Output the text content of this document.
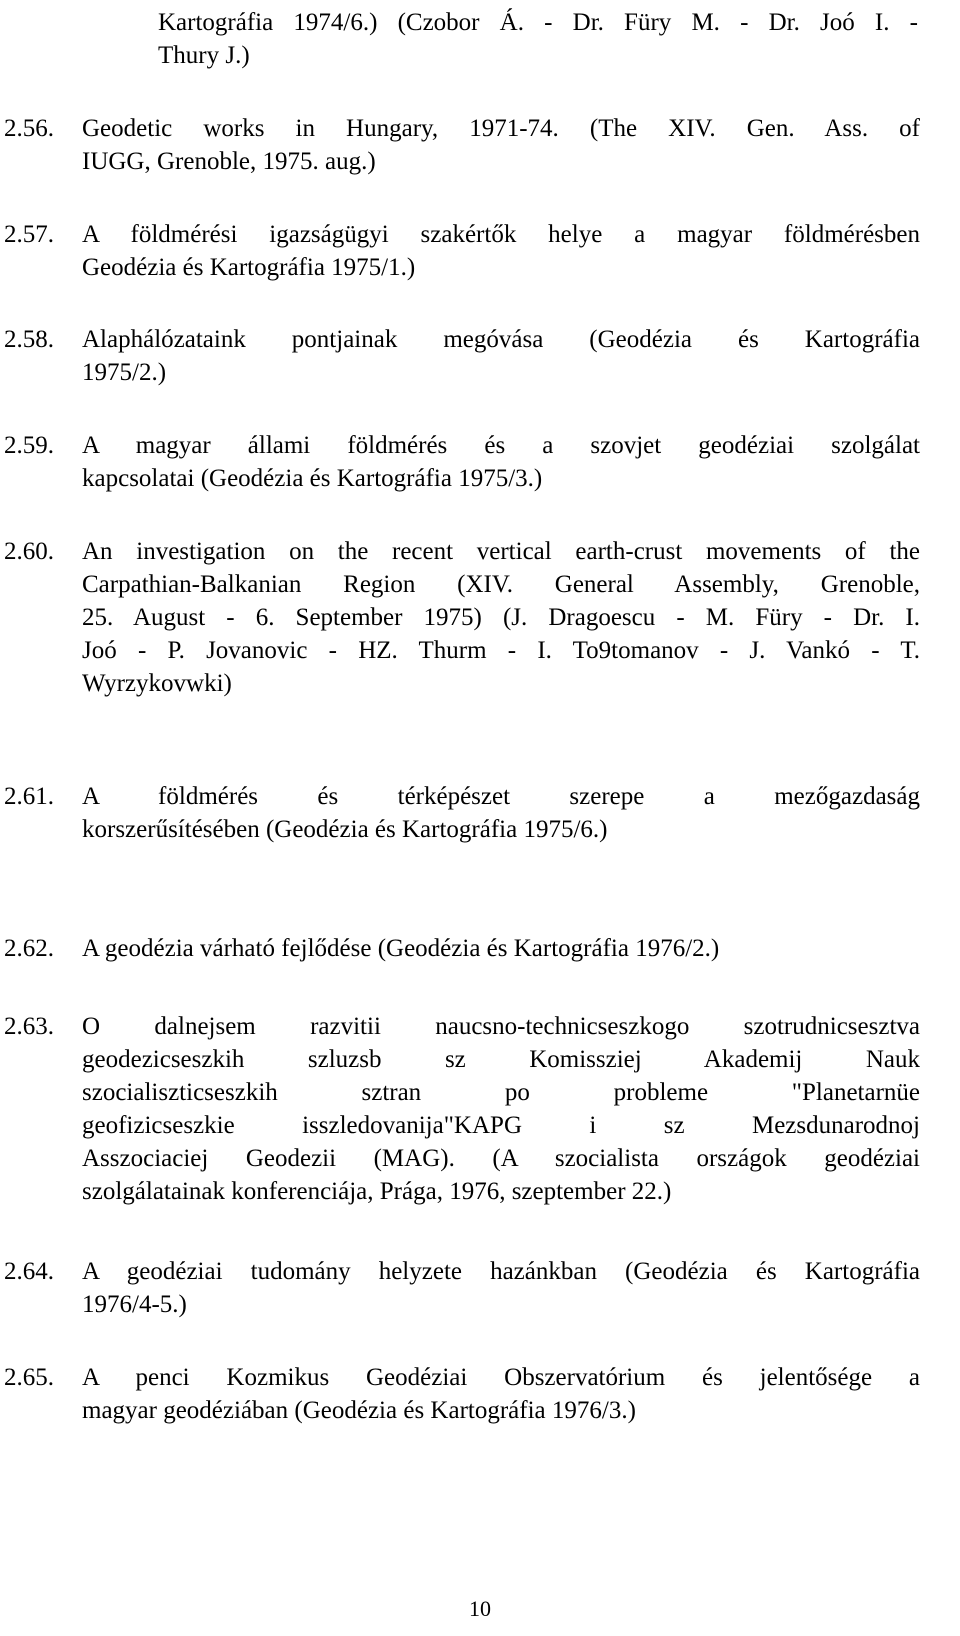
Kartográfia 1974/6.) (Czobor Á. - Dr. Füry M. - Dr. Joó I. -
Thury J.)
2.56. Geodetic works in Hungary, 1971-74. (The XIV. Gen. Ass. of
IUGG, Grenoble, 1975. aug.)
2.57. A földmérési igazságügyi szakértők helye a magyar földmérésben
Geodézia és Kartográfia 1975/1.)
2.58. Alaphálózataink pontjainak megóvása (Geodézia és Kartográfia
1975/2.)
2.59. A magyar állami földmérés és a szovjet geodéziai szolgálat
kapcsolatai (Geodézia és Kartográfia 1975/3.)
2.60. An investigation on the recent vertical earth-crust movements of the
Carpathian-Balkanian Region (XIV. General Assembly, Grenoble,
25. August - 6. September 1975) (J. Dragoescu - M. Füry - Dr. I.
Joó - P. Jovanovic - HZ. Thurm - I. To9tomanov - J. Vankó - T.
Wyrzykovwki)
2.61. A földmérés és térképészet szerepe a mezőgazdaság
korszerűsítésében (Geodézia és Kartográfia 1975/6.)
2.62. A geodézia várható fejlődése (Geodézia és Kartográfia 1976/2.)
2.63. O dalnejsem razvitii naucsno-technicseszkogo szotrudnicsesztva
geodezicseszkih szluzsb sz Komissziej Akademij Nauk
szocialiszticseszkih sztran po probleme "Planetarnüe
geofizicseszkie isszledovanija"KAPG i sz Mezsdunarodnoj
Asszociaciej Geodezii (MAG). (A szocialista országok geodéziai
szolgálatainak konferenciája, Prága, 1976, szeptember 22.)
2.64. A geodéziai tudomány helyzete hazánkban (Geodézia és Kartográfia
1976/4-5.)
2.65. A penci Kozmikus Geodéziai Obszervatórium és jelentősége a
magyar geodéziában (Geodézia és Kartográfia 1976/3.)
10
